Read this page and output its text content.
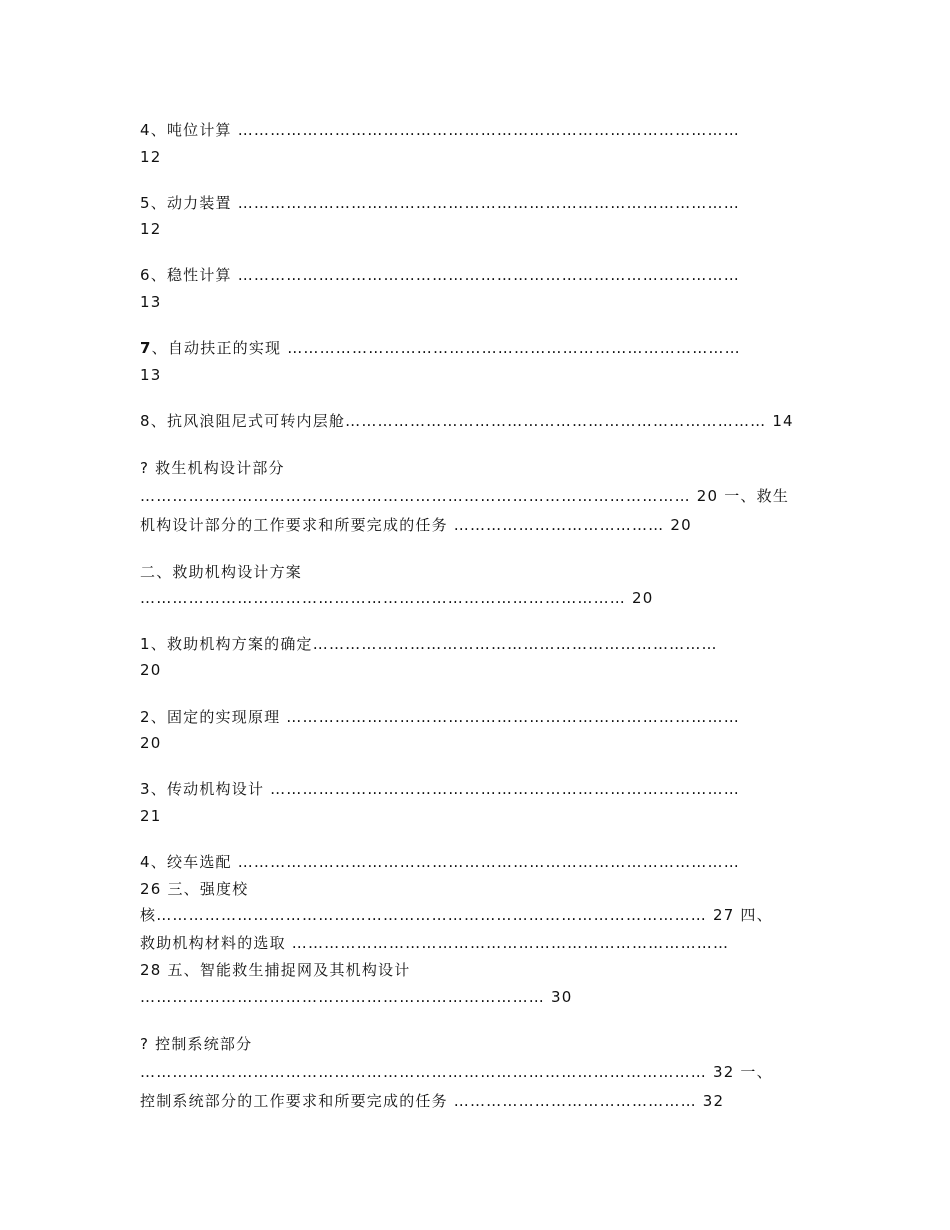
4、吨位计算 …………………………………………………………………………………
12
5、动力装置 …………………………………………………………………………………
12
6、稳性计算 …………………………………………………………………………………
13
7、自动扶正的实现 …………………………………………………………………………
13
8、抗风浪阻尼式可转内层舱…………………………………………………………………… 14
? 救生机构设计部分
………………………………………………………………………………………… 20 一、救生
机构设计部分的工作要求和所要完成的任务 ………………………………… 20
二、救助机构设计方案
……………………………………………………………………………… 20
1、救助机构方案的确定…………………………………………………………………
20
2、固定的实现原理 …………………………………………………………………………
20
3、传动机构设计 ……………………………………………………………………………
21
4、绞车选配 …………………………………………………………………………………
26 三、强度校
核………………………………………………………………………………………… 27 四、
救助机构材料的选取 ………………………………………………………………………
28 五、智能救生捕捉网及其机构设计
………………………………………………………………… 30
? 控制系统部分
…………………………………………………………………………………………… 32 一、
控制系统部分的工作要求和所要完成的任务 ……………………………………… 32
